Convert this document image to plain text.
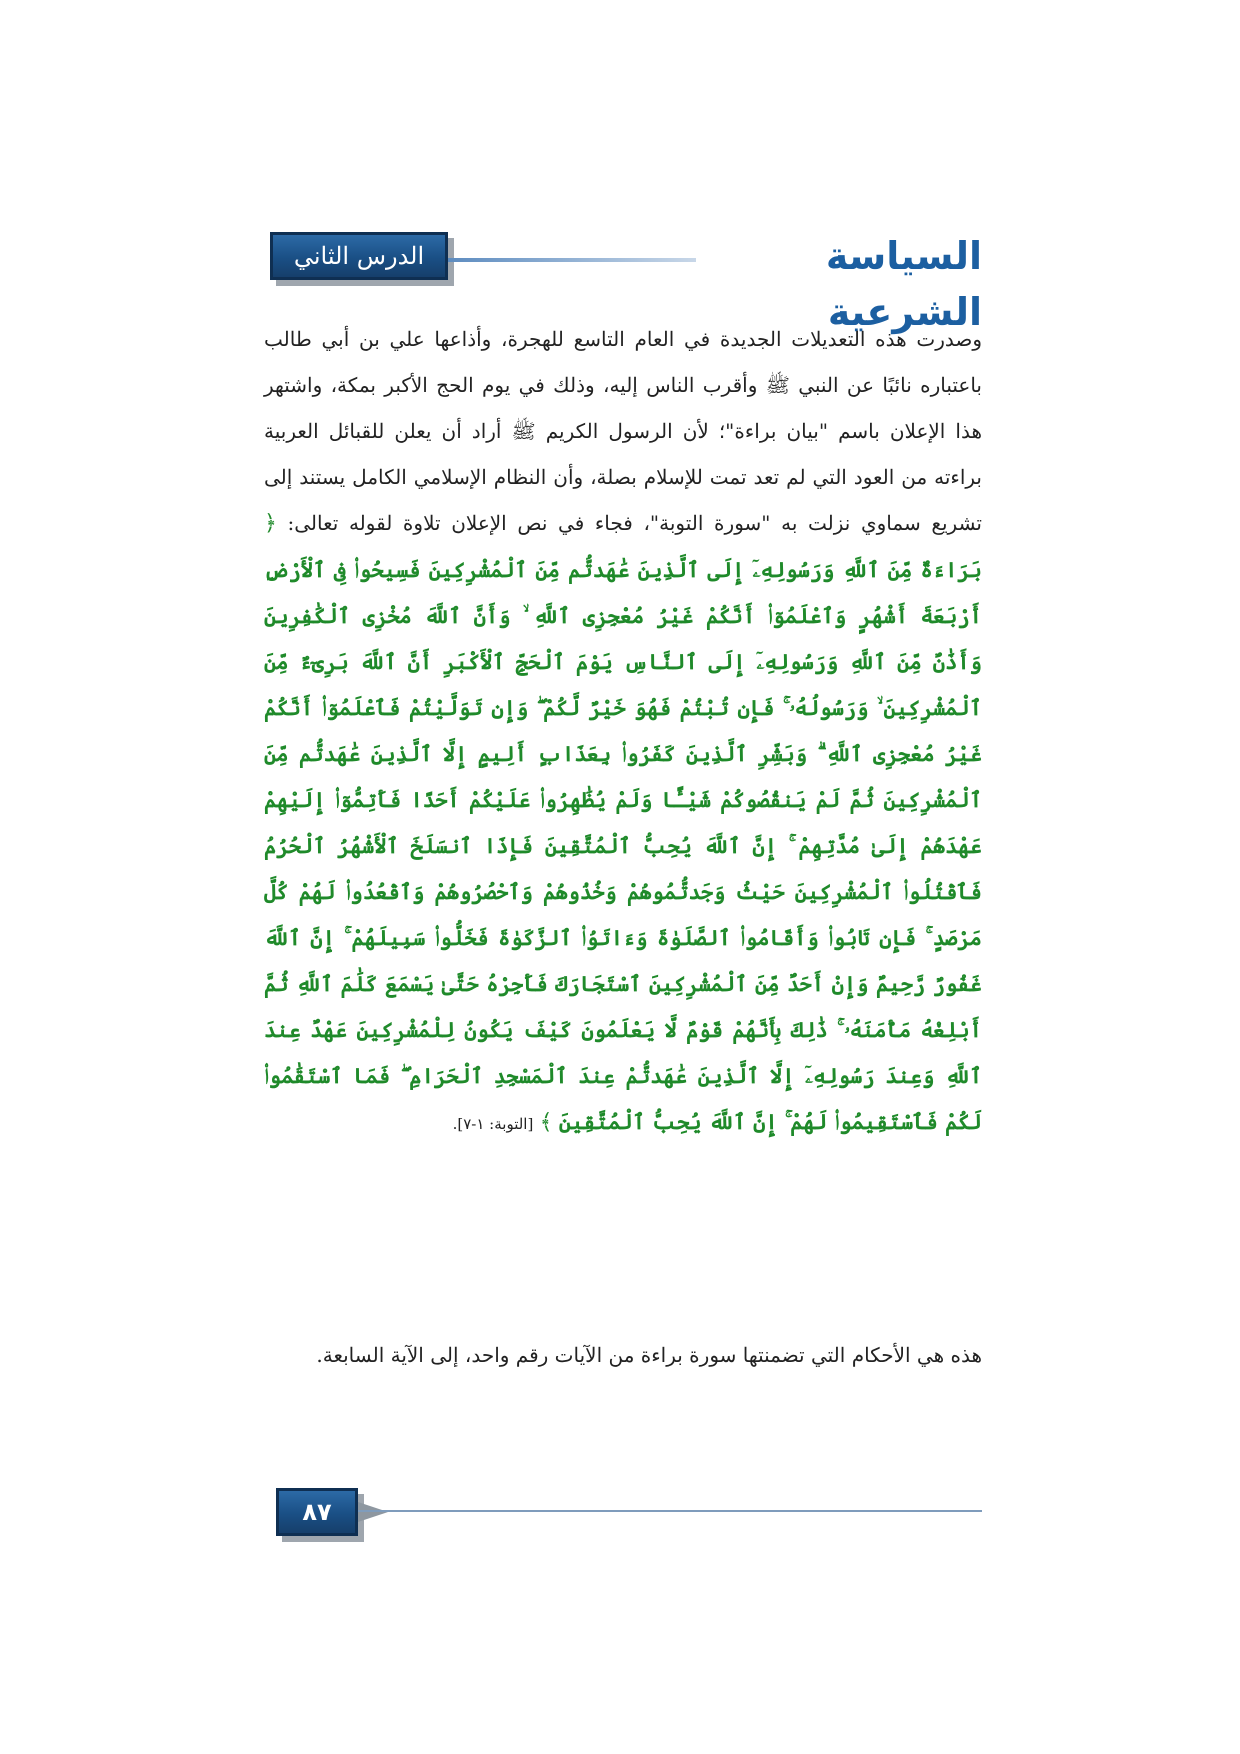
الدرس الثاني	السياسة الشرعية

وصدرت هذه التعديلات الجديدة في العام التاسع للهجرة، وأذاعها علي بن أبي طالب باعتباره نائبًا عن النبي ﷺ وأقرب الناس إليه، وذلك في يوم الحج الأكبر بمكة، واشتهر هذا الإعلان باسم "بيان براءة"؛ لأن الرسول الكريم ﷺ أراد أن يعلن للقبائل العربية براءته من العود التي لم تعد تمت للإسلام بصلة، وأن النظام الإسلامي الكامل يستند إلى تشريع سماوي نزلت به "سورة التوبة"، فجاء في نص الإعلان تلاوة لقوله تعالى: ﴿ بَرَاءَةٌ مِّنَ ٱللَّهِ وَرَسُولِهِۦٓ إِلَى ٱلَّذِينَ عَٰهَدتُّم مِّنَ ٱلْمُشْرِكِينَ فَسِيحُوا۟ فِى ٱلْأَرْضِ أَرْبَعَةَ أَشْهُرٍ وَٱعْلَمُوٓا۟ أَنَّكُمْ غَيْرُ مُعْجِزِى ٱللَّهِ ۙ وَأَنَّ ٱللَّهَ مُخْزِى ٱلْكَٰفِرِينَ وَأَذَٰنٌ مِّنَ ٱللَّهِ وَرَسُولِهِۦٓ إِلَى ٱلنَّاسِ يَوْمَ ٱلْحَجِّ ٱلْأَكْبَرِ أَنَّ ٱللَّهَ بَرِىٓءٌ مِّنَ ٱلْمُشْرِكِينَ ۙ وَرَسُولُهُۥ ۚ فَإِن تُبْتُمْ فَهُوَ خَيْرٌ لَّكُمْ ۖ وَإِن تَوَلَّيْتُمْ فَٱعْلَمُوٓا۟ أَنَّكُمْ غَيْرُ مُعْجِزِى ٱللَّهِ ۗ وَبَشِّرِ ٱلَّذِينَ كَفَرُوا۟ بِعَذَابٍ أَلِيمٍ إِلَّا ٱلَّذِينَ عَٰهَدتُّم مِّنَ ٱلْمُشْرِكِينَ ثُمَّ لَمْ يَنقُصُوكُمْ شَيْـًٔا وَلَمْ يُظَٰهِرُوا۟ عَلَيْكُمْ أَحَدًا فَأَتِمُّوٓا۟ إِلَيْهِمْ عَهْدَهُمْ إِلَىٰ مُدَّتِهِمْ ۚ إِنَّ ٱللَّهَ يُحِبُّ ٱلْمُتَّقِينَ فَإِذَا ٱنسَلَخَ ٱلْأَشْهُرُ ٱلْحُرُمُ فَٱقْتُلُوا۟ ٱلْمُشْرِكِينَ حَيْثُ وَجَدتُّمُوهُمْ وَخُذُوهُمْ وَٱحْصُرُوهُمْ وَٱقْعُدُوا۟ لَهُمْ كُلَّ مَرْصَدٍ ۚ فَإِن تَابُوا۟ وَأَقَامُوا۟ ٱلصَّلَوٰةَ وَءَاتَوُا۟ ٱلزَّكَوٰةَ فَخَلُّوا۟ سَبِيلَهُمْ ۚ إِنَّ ٱللَّهَ غَفُورٌ رَّحِيمٌ وَإِنْ أَحَدٌ مِّنَ ٱلْمُشْرِكِينَ ٱسْتَجَارَكَ فَأَجِرْهُ حَتَّىٰ يَسْمَعَ كَلَٰمَ ٱللَّهِ ثُمَّ أَبْلِغْهُ مَأْمَنَهُۥ ۚ ذَٰلِكَ بِأَنَّهُمْ قَوْمٌ لَّا يَعْلَمُونَ كَيْفَ يَكُونُ لِلْمُشْرِكِينَ عَهْدٌ عِندَ ٱللَّهِ وَعِندَ رَسُولِهِۦٓ إِلَّا ٱلَّذِينَ عَٰهَدتُّمْ عِندَ ٱلْمَسْجِدِ ٱلْحَرَامِ ۖ فَمَا ٱسْتَقَٰمُوا۟ لَكُمْ فَٱسْتَقِيمُوا۟ لَهُمْ ۚ إِنَّ ٱللَّهَ يُحِبُّ ٱلْمُتَّقِينَ ﴾ [التوبة: ١-٧].

هذه هي الأحكام التي تضمنتها سورة براءة من الآيات رقم واحد، إلى الآية السابعة.
٨٧
